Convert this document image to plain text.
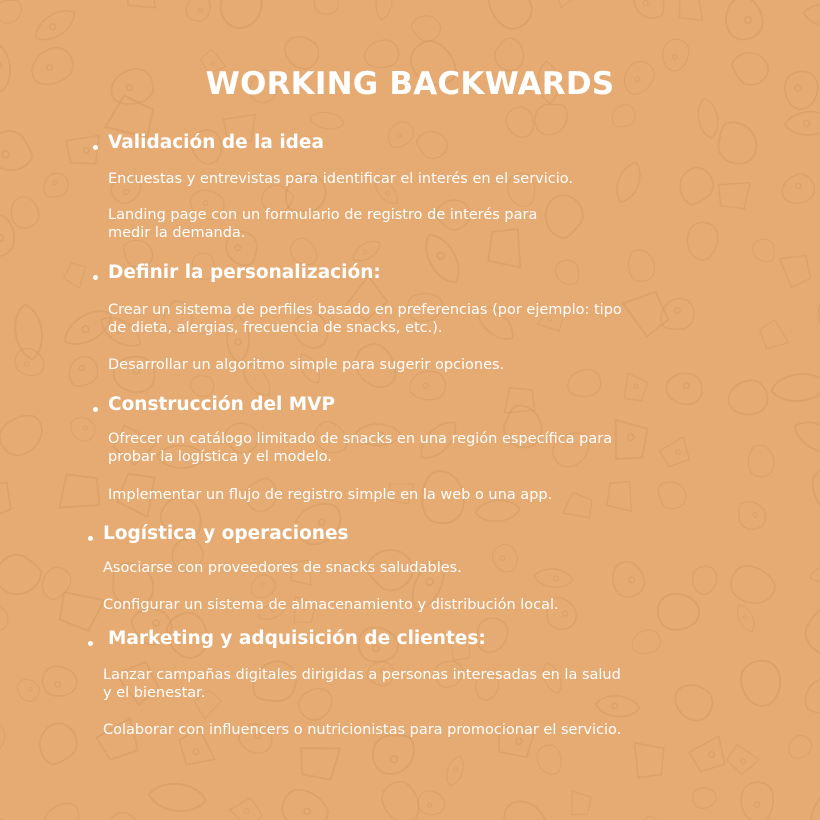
WORKING BACKWARDS
Validación de la idea
Encuestas y entrevistas para identificar el interés en el servicio.
Landing page con un formulario de registro de interés para
medir la demanda.
Definir la personalización:
Crear un sistema de perfiles basado en preferencias (por ejemplo: tipo
de dieta, alergias, frecuencia de snacks, etc.).
Desarrollar un algoritmo simple para sugerir opciones.
Construcción del MVP
Ofrecer un catálogo limitado de snacks en una región específica para
probar la logística y el modelo.
Implementar un flujo de registro simple en la web o una app.
Logística y operaciones
Asociarse con proveedores de snacks saludables.
Configurar un sistema de almacenamiento y distribución local.
Marketing y adquisición de clientes:
Lanzar campañas digitales dirigidas a personas interesadas en la salud
y el bienestar.
Colaborar con influencers o nutricionistas para promocionar el servicio.
